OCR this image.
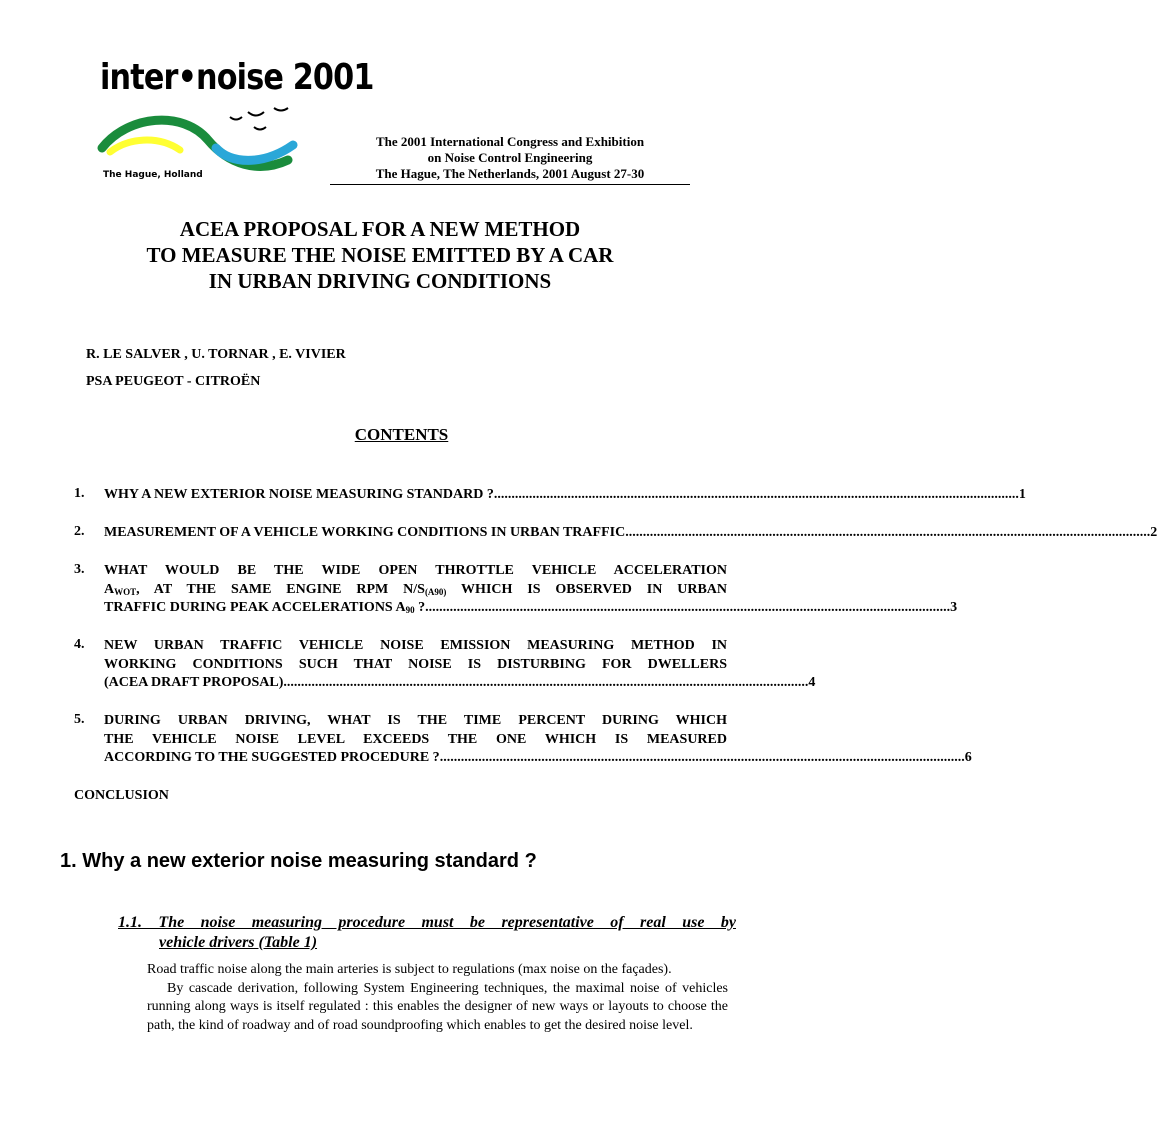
inter•noise 2001
The Hague, Holland
The 2001 International Congress and Exhibition
on Noise Control Engineering
The Hague, The Netherlands, 2001 August 27-30
ACEA PROPOSAL FOR A NEW METHOD
TO MEASURE THE NOISE EMITTED BY A CAR
IN URBAN DRIVING CONDITIONS
R. LE SALVER , U. TORNAR , E. VIVIER
PSA PEUGEOT - CITROËN
CONTENTS
1. WHY A NEW EXTERIOR NOISE MEASURING STANDARD ? ...................................................................................................................................................... 1
2. MEASUREMENT OF A VEHICLE WORKING CONDITIONS IN URBAN TRAFFIC ...................................................................................................................................................... 2
3. WHAT WOULD BE THE WIDE OPEN THROTTLE VEHICLE ACCELERATION
$A_{WOT}$, AT THE SAME ENGINE RPM $N/S_{(A90)}$ WHICH IS OBSERVED IN URBAN
TRAFFIC DURING PEAK ACCELERATIONS $A_{90}$ ? ...................................................................................................................................................... 3
4. NEW URBAN TRAFFIC VEHICLE NOISE EMISSION MEASURING METHOD IN
WORKING CONDITIONS SUCH THAT NOISE IS DISTURBING FOR DWELLERS
(ACEA DRAFT PROPOSAL) ...................................................................................................................................................... 4
5. DURING URBAN DRIVING, WHAT IS THE TIME PERCENT DURING WHICH
THE VEHICLE NOISE LEVEL EXCEEDS THE ONE WHICH IS MEASURED
ACCORDING TO THE SUGGESTED PROCEDURE ? ...................................................................................................................................................... 6
CONCLUSION
1. Why a new exterior noise measuring standard ?
1.1. The noise measuring procedure must be representative of real use by
vehicle drivers (Table 1)

Road traffic noise along the main arteries is subject to regulations (max noise on the façades).

By cascade derivation, following System Engineering techniques, the maximal noise of vehicles running along ways is itself regulated : this enables the designer of new ways or layouts to choose the path, the kind of roadway and of road soundproofing which enables to get the desired noise level.
